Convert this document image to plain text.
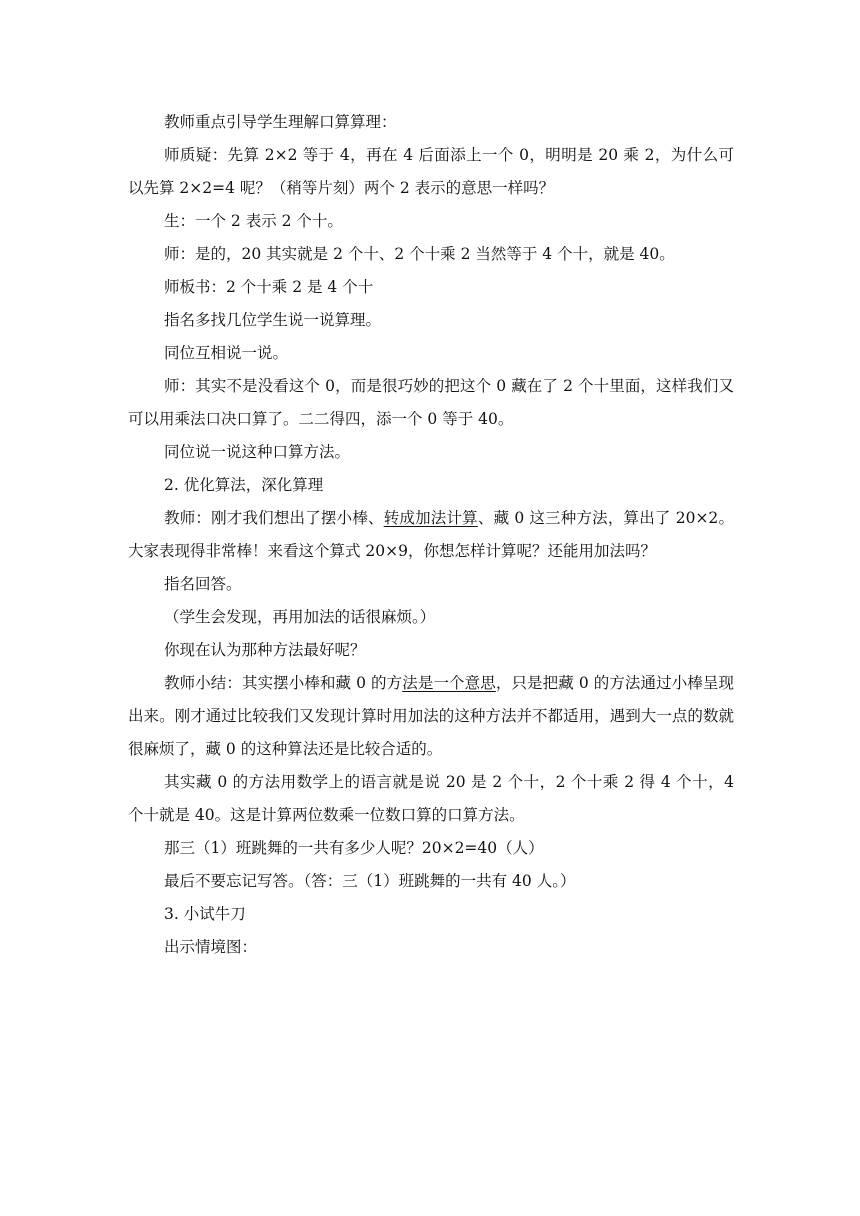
教师重点引导学生理解口算算理：

师质疑：先算 2×2 等于 4，再在 4 后面添上一个 0，明明是 20 乘 2，为什么可以先算 2×2=4 呢？（稍等片刻）两个 2 表示的意思一样吗？

生：一个 2 表示 2 个十。

师：是的，20 其实就是 2 个十、2 个十乘 2 当然等于 4 个十，就是 40。

师板书：2 个十乘 2 是 4 个十

指名多找几位学生说一说算理。

同位互相说一说。

师：其实不是没看这个 0，而是很巧妙的把这个 0 藏在了 2 个十里面，这样我们又可以用乘法口决口算了。二二得四，添一个 0 等于 40。

同位说一说这种口算方法。

2. 优化算法，深化算理

教师：刚才我们想出了摆小棒、转成加法计算、藏 0 这三种方法，算出了 20×2。大家表现得非常棒！来看这个算式 20×9，你想怎样计算呢？还能用加法吗？

指名回答。

（学生会发现，再用加法的话很麻烦。）

你现在认为那种方法最好呢？

教师小结：其实摆小棒和藏 0 的方法是一个意思，只是把藏 0 的方法通过小棒呈现出来。刚才通过比较我们又发现计算时用加法的这种方法并不都适用，遇到大一点的数就很麻烦了，藏 0 的这种算法还是比较合适的。

其实藏 0 的方法用数学上的语言就是说 20 是 2 个十，2 个十乘 2 得 4 个十，4 个十就是 40。这是计算两位数乘一位数口算的口算方法。

那三（1）班跳舞的一共有多少人呢？20×2=40（人）

最后不要忘记写答。（答：三（1）班跳舞的一共有 40 人。）

3. 小试牛刀

出示情境图：
